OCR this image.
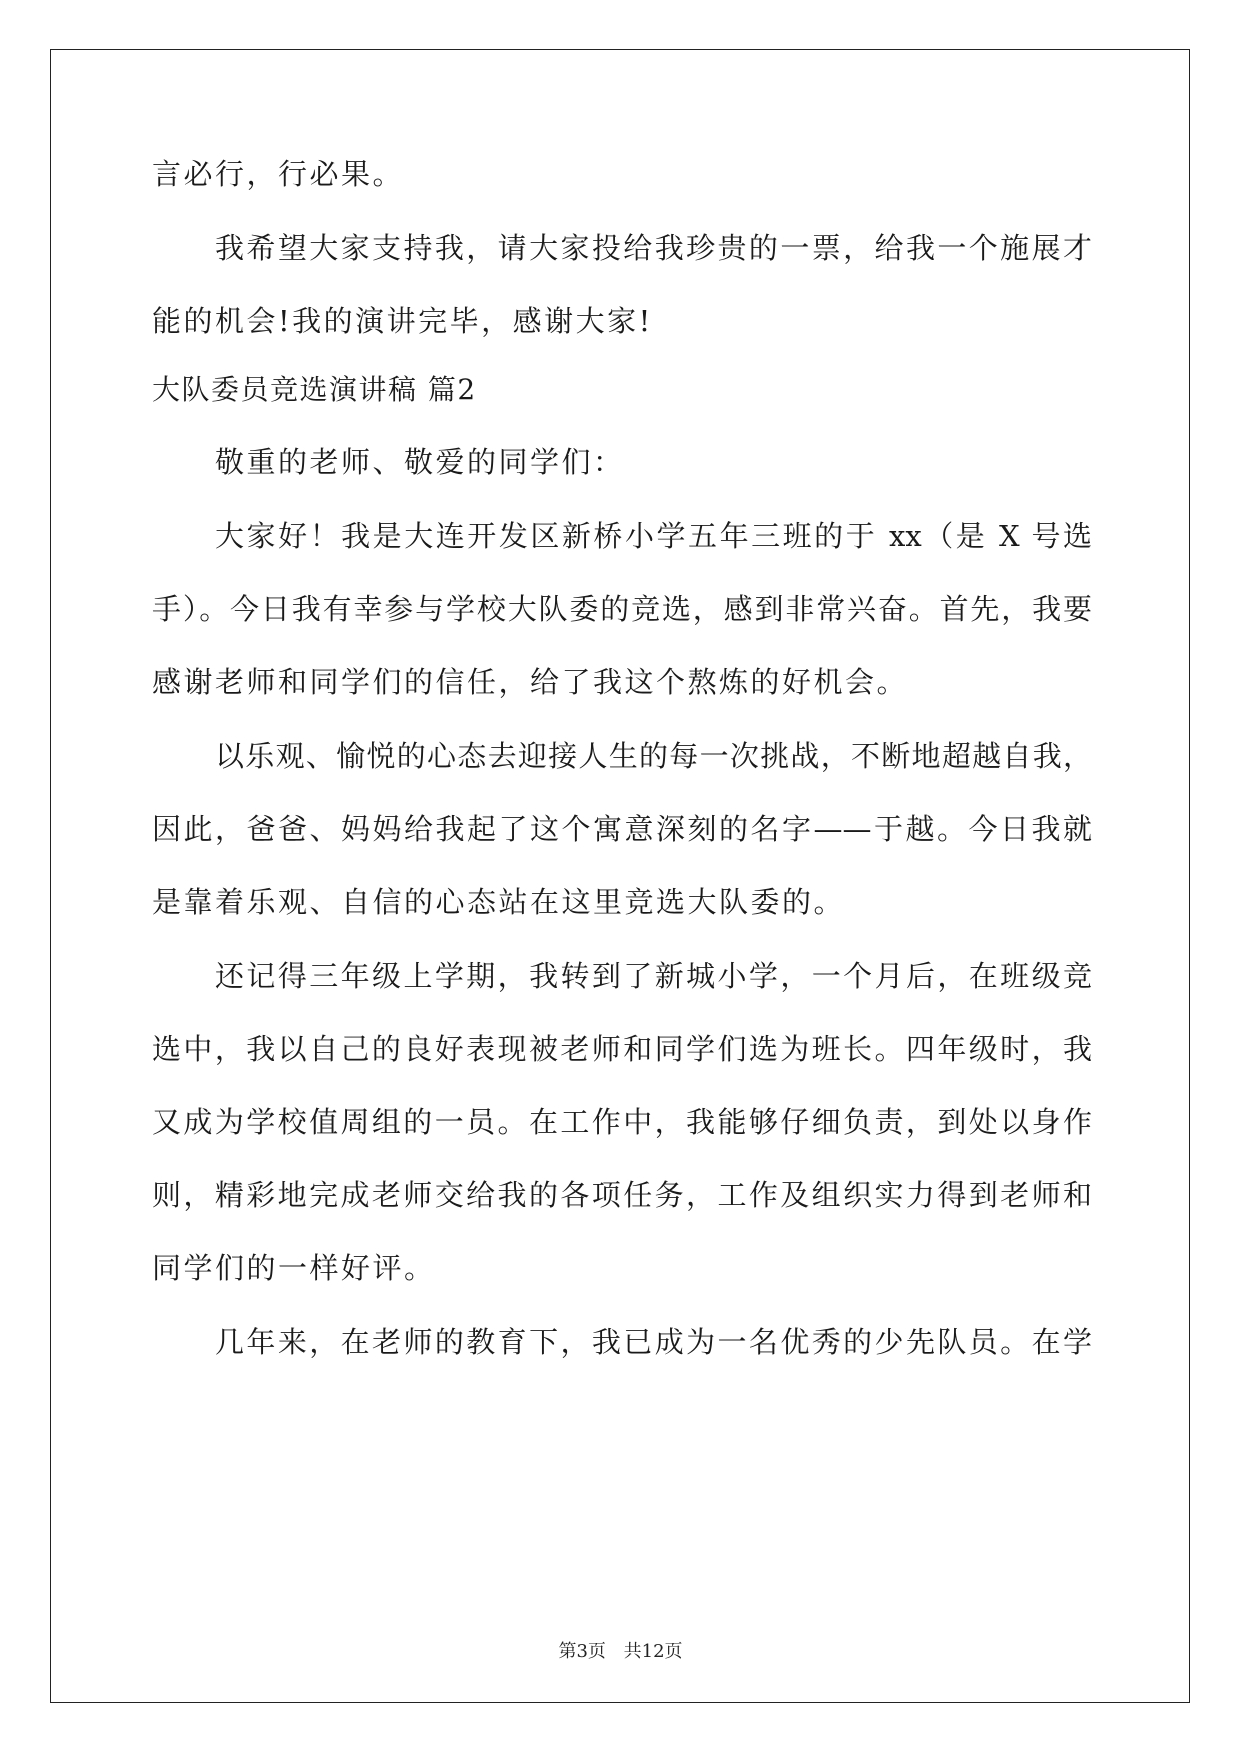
言必行，行必果。
我希望大家支持我，请大家投给我珍贵的一票，给我一个施展才
能的机会!我的演讲完毕，感谢大家!
大队委员竞选演讲稿 篇2
敬重的老师、敬爱的同学们：
大家好！我是大连开发区新桥小学五年三班的于 xx（是 X 号选
手）。今日我有幸参与学校大队委的竞选，感到非常兴奋。首先，我要
感谢老师和同学们的信任，给了我这个熬炼的好机会。
以乐观、愉悦的心态去迎接人生的每一次挑战，不断地超越自我，
因此，爸爸、妈妈给我起了这个寓意深刻的名字——于越。今日我就
是靠着乐观、自信的心态站在这里竞选大队委的。
还记得三年级上学期，我转到了新城小学，一个月后，在班级竞
选中，我以自己的良好表现被老师和同学们选为班长。四年级时，我
又成为学校值周组的一员。在工作中，我能够仔细负责，到处以身作
则，精彩地完成老师交给我的各项任务，工作及组织实力得到老师和
同学们的一样好评。
几年来，在老师的教育下，我已成为一名优秀的少先队员。在学
第3页 共12页
